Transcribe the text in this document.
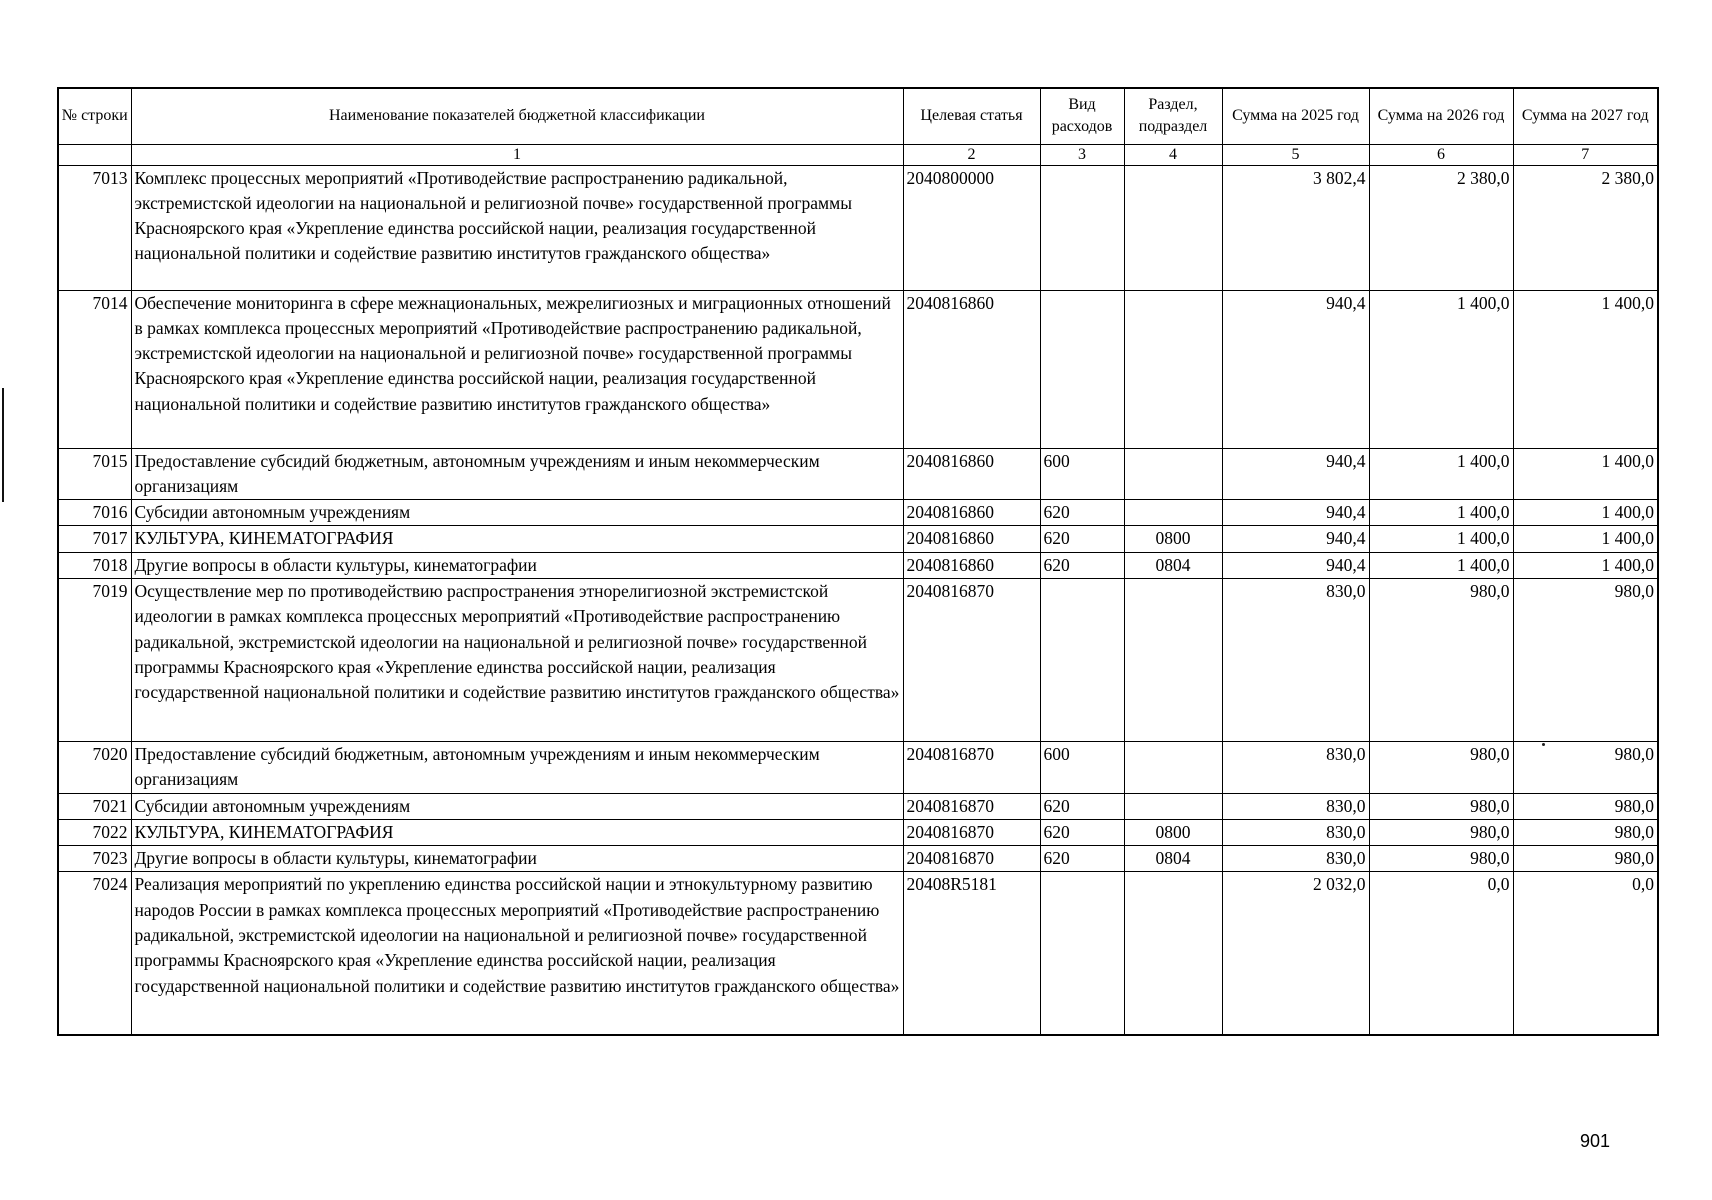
№ строки	Наименование показателей бюджетной классификации	Целевая статья	Вид расходов	Раздел, подраздел	Сумма на 2025 год	Сумма на 2026 год	Сумма на 2027 год
	1	2	3	4	5	6	7
7013	Комплекс процессных мероприятий «Противодействие распространению радикальной, экстремистской идеологии на национальной и религиозной почве» государственной программы Красноярского края «Укрепление единства российской нации, реализация государственной национальной политики и содействие развитию институтов гражданского общества»	2040800000			3 802,4	2 380,0	2 380,0
7014	Обеспечение мониторинга в сфере межнациональных, межрелигиозных и миграционных отношений в рамках комплекса процессных мероприятий «Противодействие распространению радикальной, экстремистской идеологии на национальной и религиозной почве» государственной программы Красноярского края «Укрепление единства российской нации, реализация государственной национальной политики и содействие развитию институтов гражданского общества»	2040816860			940,4	1 400,0	1 400,0
7015	Предоставление субсидий бюджетным, автономным учреждениям и иным некоммерческим организациям	2040816860	600		940,4	1 400,0	1 400,0
7016	Субсидии автономным учреждениям	2040816860	620		940,4	1 400,0	1 400,0
7017	КУЛЬТУРА, КИНЕМАТОГРАФИЯ	2040816860	620	0800	940,4	1 400,0	1 400,0
7018	Другие вопросы в области культуры, кинематографии	2040816860	620	0804	940,4	1 400,0	1 400,0
7019	Осуществление мер по противодействию распространения этнорелигиозной экстремистской идеологии в рамках комплекса процессных мероприятий «Противодействие распространению радикальной, экстремистской идеологии на национальной и религиозной почве» государственной программы Красноярского края «Укрепление единства российской нации, реализация государственной национальной политики и содействие развитию институтов гражданского общества»	2040816870			830,0	980,0	980,0
7020	Предоставление субсидий бюджетным, автономным учреждениям и иным некоммерческим организациям	2040816870	600		830,0	980,0	980,0
7021	Субсидии автономным учреждениям	2040816870	620		830,0	980,0	980,0
7022	КУЛЬТУРА, КИНЕМАТОГРАФИЯ	2040816870	620	0800	830,0	980,0	980,0
7023	Другие вопросы в области культуры, кинематографии	2040816870	620	0804	830,0	980,0	980,0
7024	Реализация мероприятий по укреплению единства российской нации и этнокультурному развитию народов России в рамках комплекса процессных мероприятий «Противодействие распространению радикальной, экстремистской идеологии на национальной и религиозной почве» государственной программы Красноярского края «Укрепление единства российской нации, реализация государственной национальной политики и содействие развитию институтов гражданского общества»	20408R5181			2 032,0	0,0	0,0
901
